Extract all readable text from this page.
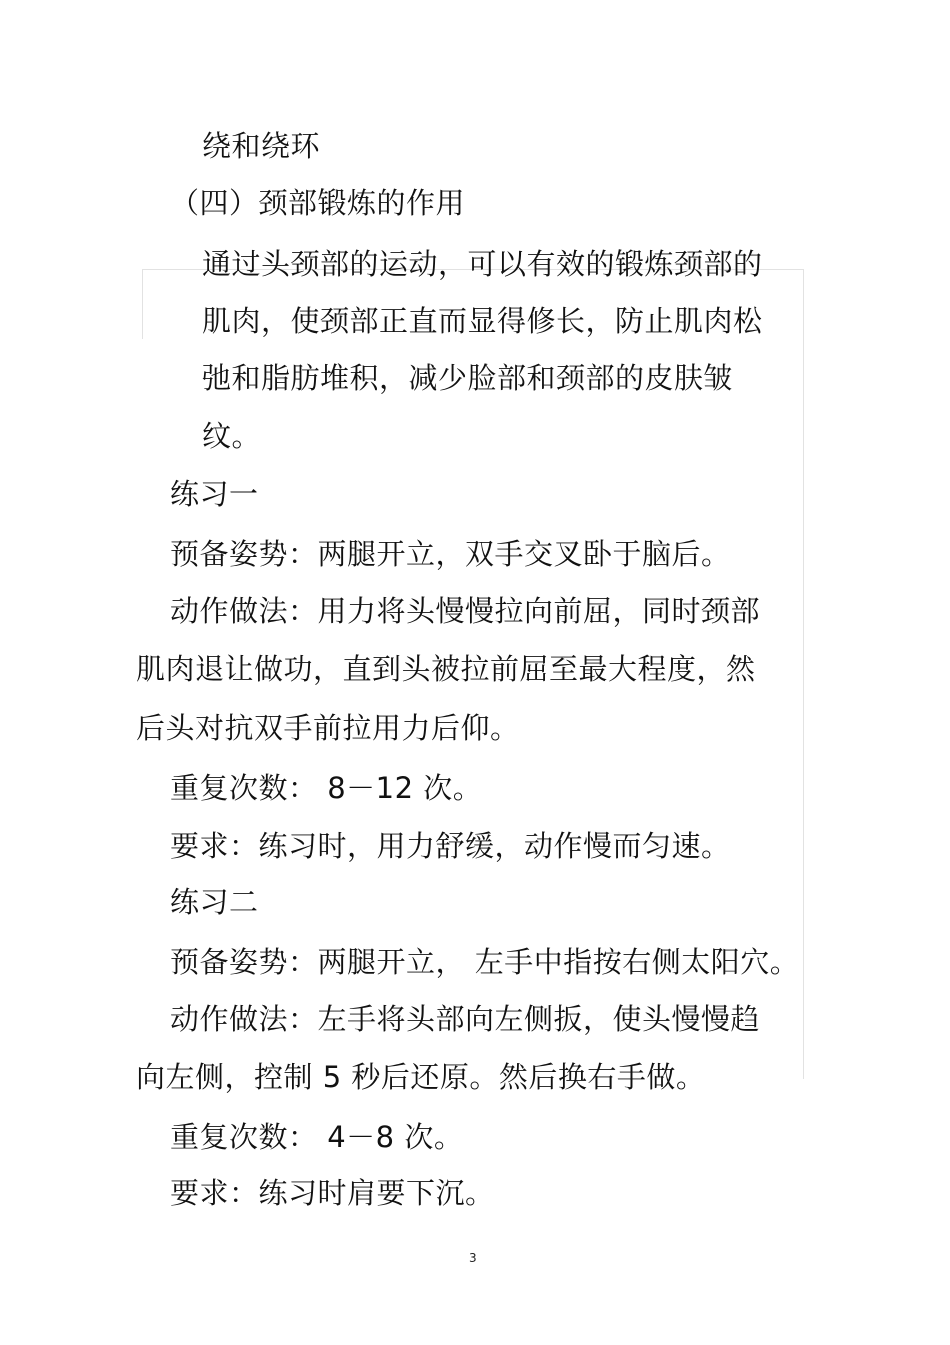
绕和绕环
（四）颈部锻炼的作用
通过头颈部的运动，可以有效的锻炼颈部的
肌肉，使颈部正直而显得修长，防止肌肉松
弛和脂肪堆积，减少脸部和颈部的皮肤皱
纹。
练习一
预备姿势：两腿开立，双手交叉卧于脑后。
动作做法：用力将头慢慢拉向前屈，同时颈部
肌肉退让做功，直到头被拉前屈至最大程度，然
后头对抗双手前拉用力后仰。
重复次数： 8－12 次。
要求：练习时，用力舒缓，动作慢而匀速。
练习二
预备姿势：两腿开立， 左手中指按右侧太阳穴。
动作做法：左手将头部向左侧扳，使头慢慢趋
向左侧，控制 5 秒后还原。然后换右手做。
重复次数： 4－8 次。
要求：练习时肩要下沉。
3
